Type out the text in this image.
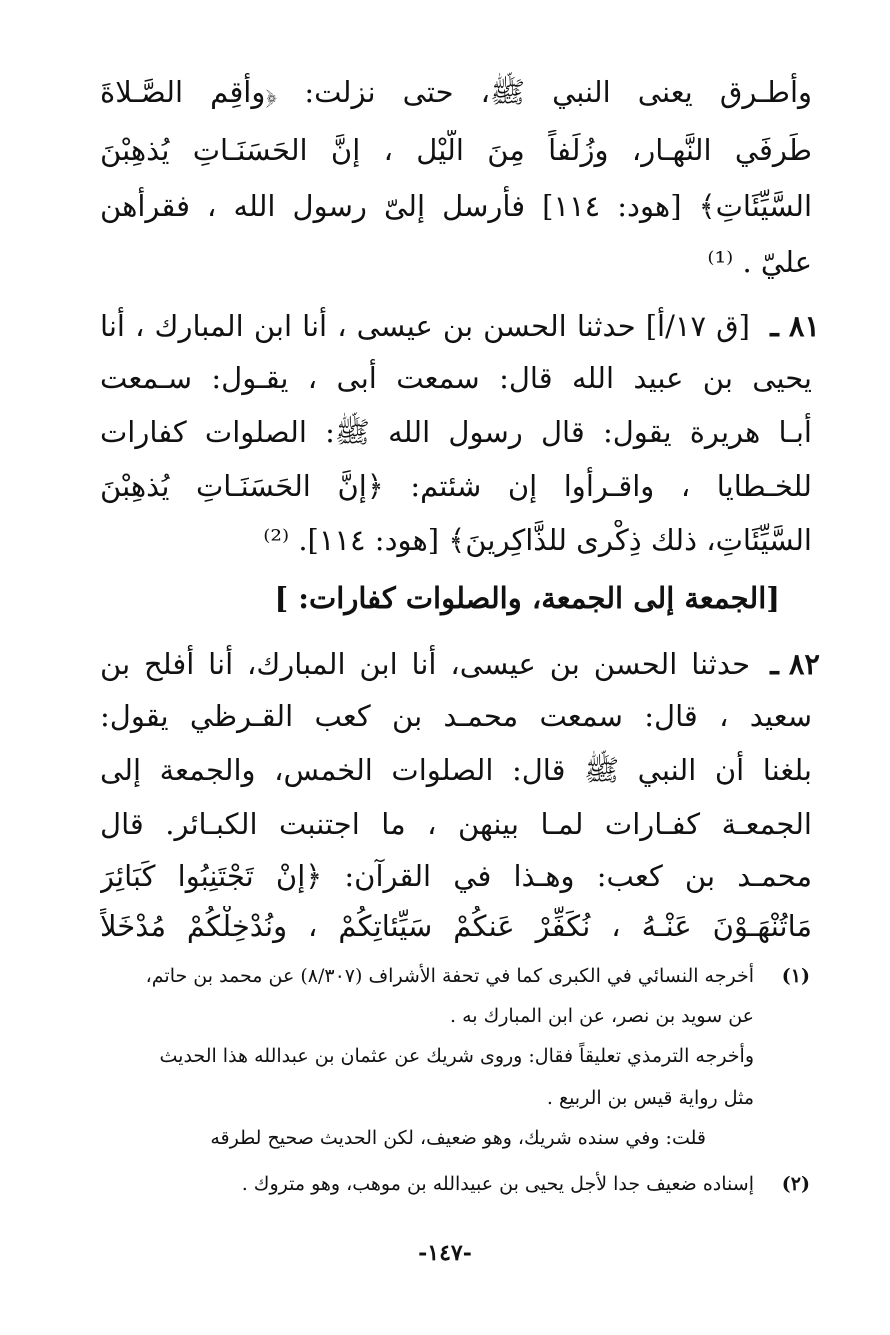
وأطـرق يعنى النبي ﷺ، حتى نزلت: ﴿وأقِم الصَّـلاةَ
طَرفَي النَّهـار، وزُلَفاً مِنَ الَّيْل ، إنَّ الحَسَنَـاتِ يُذهِبْنَ
السَّيِّئَاتِ﴾ [هود: ١١٤] فأرسل إلىّ رسول الله ، فقرأهن
عليّ . ⁽¹⁾
٨١ ـ
[ق ١٧/أ] حدثنا الحسن بن عيسى ، أنا ابن المبارك ، أنا
يحيى بن عبيد الله قال: سمعت أبى ، يقـول: سـمعت
أبـا هريرة يقول: قال رسول الله ﷺ: الصلوات كفارات
للخـطايا ، واقـرأوا إن شئتم: ﴿إنَّ الحَسَنَـاتِ يُذهِبْنَ
السَّيِّئَاتِ، ذلك ذِكْرى للذَّاكِرينَ﴾ [هود: ١١٤]. ⁽²⁾
[الجمعة إلى الجمعة، والصلوات كفارات: ]
٨٢ ـ
حدثنا الحسن بن عيسى، أنا ابن المبارك، أنا أفلح بن
سعيد ، قال: سمعت محمـد بن كعب القـرظي يقول:
بلغنا أن النبي ﷺ قال: الصلوات الخمس، والجمعة إلى
الجمعـة كفـارات لمـا بينهن ، ما اجتنبت الكبـائر. قال
محمـد بن كعب: وهـذا في القرآن: ﴿إنْ تَجْتَنِبُوا كَبَائِرَ
مَاتُنْهَـوْنَ عَنْـهُ ، نُكَفِّرْ عَنكُمْ سَيِّئاتِكُمْ ، ونُدْخِلْكُمْ مُدْخَلاً
(١)
أخرجه النسائي في الكبرى كما في تحفة الأشراف (٨/٣٠٧) عن محمد بن حاتم،
عن سويد بن نصر، عن ابن المبارك به .
وأخرجه الترمذي تعليقاً فقال: وروى شريك عن عثمان بن عبدالله هذا الحديث
مثل رواية قيس بن الربيع .
قلت: وفي سنده شريك، وهو ضعيف، لكن الحديث صحيح لطرقه
(٢)
إسناده ضعيف جدا لأجل يحيى بن عبيدالله بن موهب، وهو متروك .
-١٤٧-
